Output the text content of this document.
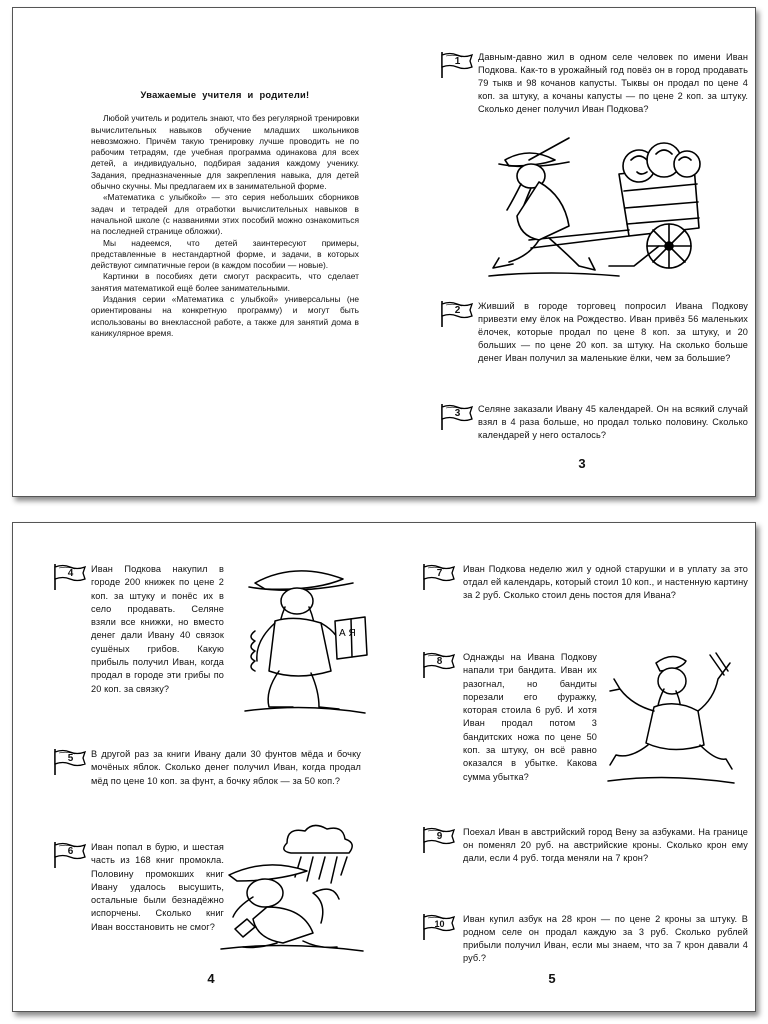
Уважаемые учителя и родители!

Любой учитель и родитель знают, что без регулярной тренировки вычислительных навыков обучение младших школьников невозможно. Причём такую тренировку лучше проводить не по рабочим тетрадям, где учебная программа одинакова для всех детей, а индивидуально, подбирая задания каждому ученику. Задания, предназначенные для закрепления навыка, для детей обычно скучны. Мы предлагаем их в занимательной форме.

«Математика с улыбкой» — это серия небольших сборников задач и тетрадей для отработки вычислительных навыков в начальной школе (с названиями этих пособий можно ознакомиться на последней странице обложки).

Мы надеемся, что детей заинтересуют примеры, представленные в нестандартной форме, и задачи, в которых действуют симпатичные герои (в каждом пособии — новые).

Картинки в пособиях дети смогут раскрасить, что сделает занятия математикой ещё более занимательными.

Издания серии «Математика с улыбкой» универсальны (не ориентированы на конкретную программу) и могут быть использованы во внеклассной работе, а также для занятий дома в каникулярное время.

1	Давным-давно жил в одном селе человек по имени Иван Подкова. Как-то в урожайный год повёз он в город продавать 79 тыкв и 98 кочанов капусты. Тыквы он продал по цене 4 коп. за штуку, а кочаны капусты — по цене 2 коп. за штуку. Сколько денег получил Иван Подкова?

2	Живший в городе торговец попросил Ивана Подкову привезти ему ёлок на Рождество. Иван привёз 56 маленьких ёлочек, которые продал по цене 8 коп. за штуку, и 20 больших — по цене 20 коп. за штуку. На сколько больше денег Иван получил за маленькие ёлки, чем за большие?

3	Селяне заказали Ивану 45 календарей. Он на всякий случай взял в 4 раза больше, но продал только половину. Сколько календарей у него осталось?

3
4	Иван Подкова накупил в городе 200 книжек по цене 2 коп. за штуку и понёс их в село продавать. Селяне взяли все книжки, но вместо денег дали Ивану 40 связок сушёных грибов. Какую прибыль получил Иван, когда продал в городе эти грибы по 20 коп. за связку?

А Я
5	В другой раз за книги Ивану дали 30 фунтов мёда и бочку мочёных яблок. Сколько денег получил Иван, когда продал мёд по цене 10 коп. за фунт, а бочку яблок — за 50 коп.?

6	Иван попал в бурю, и шестая часть из 168 книг промокла. Половину промокших книг Ивану удалось высушить, остальные были безнадёжно испорчены. Сколько книг Иван восстановить не смог?

4
7	Иван Подкова неделю жил у одной старушки и в уплату за это отдал ей календарь, который стоил 10 коп., и настенную картину за 2 руб. Сколько стоил день постоя для Ивана?

8	Однажды на Ивана Подкову напали три бандита. Иван их разогнал, но бандиты порезали его фуражку, которая стоила 6 руб. И хотя Иван продал потом 3 бандитских ножа по цене 50 коп. за штуку, он всё равно оказался в убытке. Какова сумма убытка?

9	Поехал Иван в австрийский город Вену за азбуками. На границе он поменял 20 руб. на австрийские кроны. Сколько крон ему дали, если 4 руб. тогда меняли на 7 крон?

10	Иван купил азбук на 28 крон — по цене 2 кроны за штуку. В родном селе он продал каждую за 3 руб. Сколько рублей прибыли получил Иван, если мы знаем, что за 7 крон давали 4 руб.?

5
